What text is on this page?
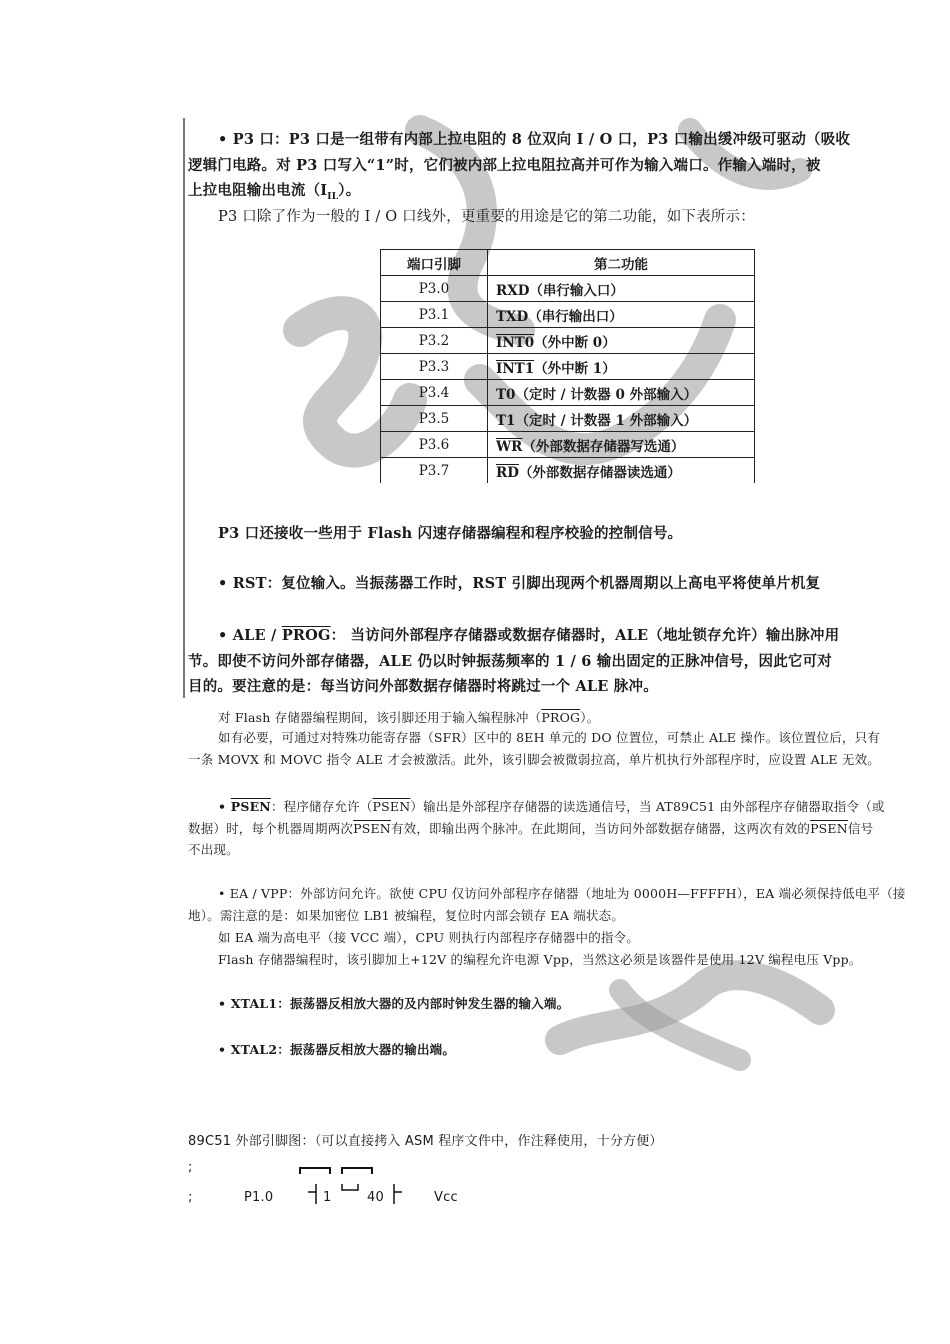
• P3 口：P3 口是一组带有内部上拉电阻的 8 位双向 I / O 口，P3 口输出缓冲级可驱动（吸收
逻辑门电路。对 P3 口写入“1”时，它们被内部上拉电阻拉高并可作为输入端口。作输入端时，被
上拉电阻输出电流$(I_{IL})$。
P3 口除了作为一般的 I / O 口线外，更重要的用途是它的第二功能，如下表所示：
端口引脚	第二功能
P3.0	RXD（串行输入口）
P3.1	TXD（串行输出口）
P3.2	INT0（外中断 0）
P3.3	INT1（外中断 1）
P3.4	T0（定时 / 计数器 0 外部输入）
P3.5	T1（定时 / 计数器 1 外部输入）
P3.6	$\overline{WR}$（外部数据存储器写选通）
P3.7	$\overline{RD}$（外部数据存储器读选通）
P3 口还接收一些用于 Flash 闪速存储器编程和程序校验的控制信号。
• RST：复位输入。当振荡器工作时，RST 引脚出现两个机器周期以上高电平将使单片机复
• ALE / PROG： 当访问外部程序存储器或数据存储器时，ALE（地址锁存允许）输出脉冲用
节。即使不访问外部存储器，ALE 仍以时钟振荡频率的 1 / 6 输出固定的正脉冲信号，因此它可对
目的。要注意的是：每当访问外部数据存储器时将跳过一个 ALE 脉冲。
对 Flash 存储器编程期间，该引脚还用于输入编程脉冲（PROG）。
如有必要，可通过对特殊功能寄存器（SFR）区中的 8EH 单元的 DO 位置位，可禁止 ALE 操作。该位置位后，只有
一条 MOVX 和 MOVC 指令 ALE 才会被激活。此外，该引脚会被微弱拉高，单片机执行外部程序时，应设置 ALE 无效。
• PSEN：程序储存允许（PSEN）输出是外部程序存储器的读选通信号，当 AT89C51 由外部程序存储器取指令（或
数据）时，每个机器周期两次PSEN有效，即输出两个脉冲。在此期间，当访问外部数据存储器，这两次有效的PSEN信号
不出现。
• EA / VPP：外部访问允许。欲使 CPU 仅访问外部程序存储器（地址为 0000H—FFFFH），EA 端必须保持低电平（接
地）。需注意的是：如果加密位 LB1 被编程，复位时内部会锁存 EA 端状态。
如 EA 端为高电平（接 VCC 端），CPU 则执行内部程序存储器中的指令。
Flash 存储器编程时，该引脚加上+12V 的编程允许电源 Vpp，当然这必须是该器件是使用 12V 编程电压 Vpp。
• XTAL1：振荡器反相放大器的及内部时钟发生器的输入端。
• XTAL2：振荡器反相放大器的输出端。
89C51 外部引脚图：（可以直接拷入 ASM 程序文件中，作注释使用，十分方便）
;
;	P1.0	1	40	Vcc
